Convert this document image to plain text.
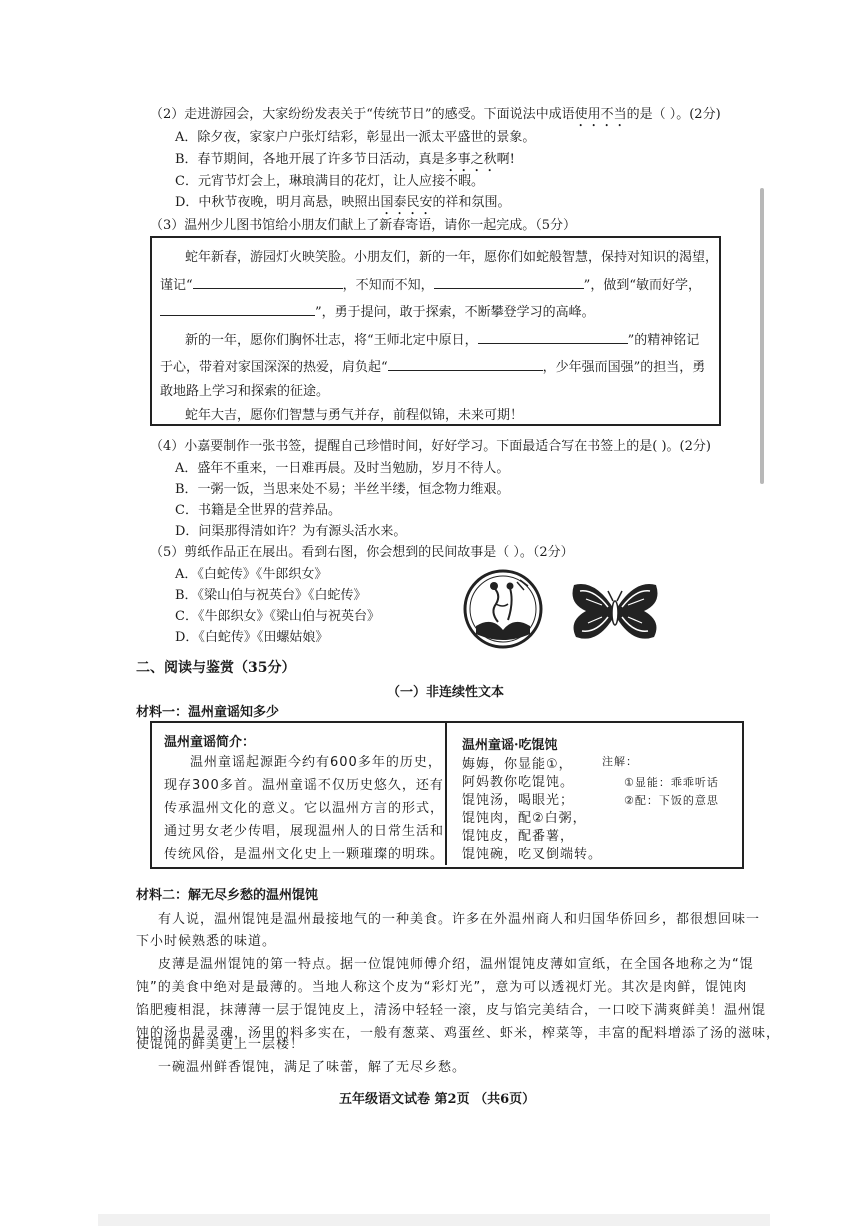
（2）走进游园会，大家纷纷发表关于“传统节日”的感受。下面说法中成语使用不当的是（ ）。(2分)
A．除夕夜，家家户户张灯结彩，彰显出一派太平盛世的景象。
B．春节期间，各地开展了许多节日活动，真是多事之秋啊!
C．元宵节灯会上，琳琅满目的花灯，让人应接不暇。
D．中秋节夜晚，明月高悬，映照出国泰民安的祥和氛围。
（3）温州少儿图书馆给小朋友们献上了新春寄语，请你一起完成。（5分）
蛇年新春，游园灯火映笑脸。小朋友们，新的一年，愿你们如蛇般智慧，保持对知识的渴望，
谨记“	，不知而不知，	”，做到“敏而好学，
”，勇于提问，敢于探索，不断攀登学习的高峰。
新的一年，愿你们胸怀壮志，将“王师北定中原日，	”的精神铭记
于心，带着对家国深深的热爱，肩负起“	，少年强而国强”的担当，勇
敢地路上学习和探索的征途。
蛇年大吉，愿你们智慧与勇气并存，前程似锦，未来可期！
（4）小嘉要制作一张书签，提醒自己珍惜时间，好好学习。下面最适合写在书签上的是( )。(2分)
A．盛年不重来，一日难再晨。及时当勉励，岁月不待人。
B．一粥一饭，当思来处不易；半丝半缕，恒念物力维艰。
C．书籍是全世界的营养品。
D．问渠那得清如许？为有源头活水来。
（5）剪纸作品正在展出。看到右图，你会想到的民间故事是（ ）。（2分）
A．《白蛇传》《牛郎织女》
B．《梁山伯与祝英台》《白蛇传》
C．《牛郎织女》《梁山伯与祝英台》
D．《白蛇传》《田螺姑娘》
二、阅读与鉴赏（35分）
（一）非连续性文本
材料一：温州童谣知多少
温州童谣简介：
温州童谣起源距今约有600多年的历史，
现存300多首。温州童谣不仅历史悠久，还有
传承温州文化的意义。它以温州方言的形式，
通过男女老少传唱，展现温州人的日常生活和
传统风俗，是温州文化史上一颗璀璨的明珠。
温州童谣·吃馄饨
娒娒，你显能①，
阿妈教你吃馄饨。
馄饨汤，喝眼光；
馄饨肉，配②白粥，
馄饨皮，配番薯，
馄饨碗，吃叉倒端转。
注解：
①显能：乖乖听话
②配：下饭的意思
材料二：解无尽乡愁的温州馄饨
有人说，温州馄饨是温州最接地气的一种美食。许多在外温州商人和归国华侨回乡，都很想回味一
下小时候熟悉的味道。
皮薄是温州馄饨的第一特点。据一位馄饨师傅介绍，温州馄饨皮薄如宣纸，在全国各地称之为“馄
饨”的美食中绝对是最薄的。当地人称这个皮为“彩灯光”，意为可以透视灯光。其次是肉鲜，馄饨肉
馅肥瘦相混，抹薄薄一层于馄饨皮上，清汤中轻轻一滚，皮与馅完美结合，一口咬下满爽鲜美！温州馄
饨的汤也是灵魂，汤里的料多实在，一般有葱菜、鸡蛋丝、虾米，榨菜等，丰富的配料增添了汤的滋味，
使馄饨的鲜美更上一层楼！
一碗温州鲜香馄饨，满足了味蕾，解了无尽乡愁。
五年级语文试卷 第2页 （共6页）
